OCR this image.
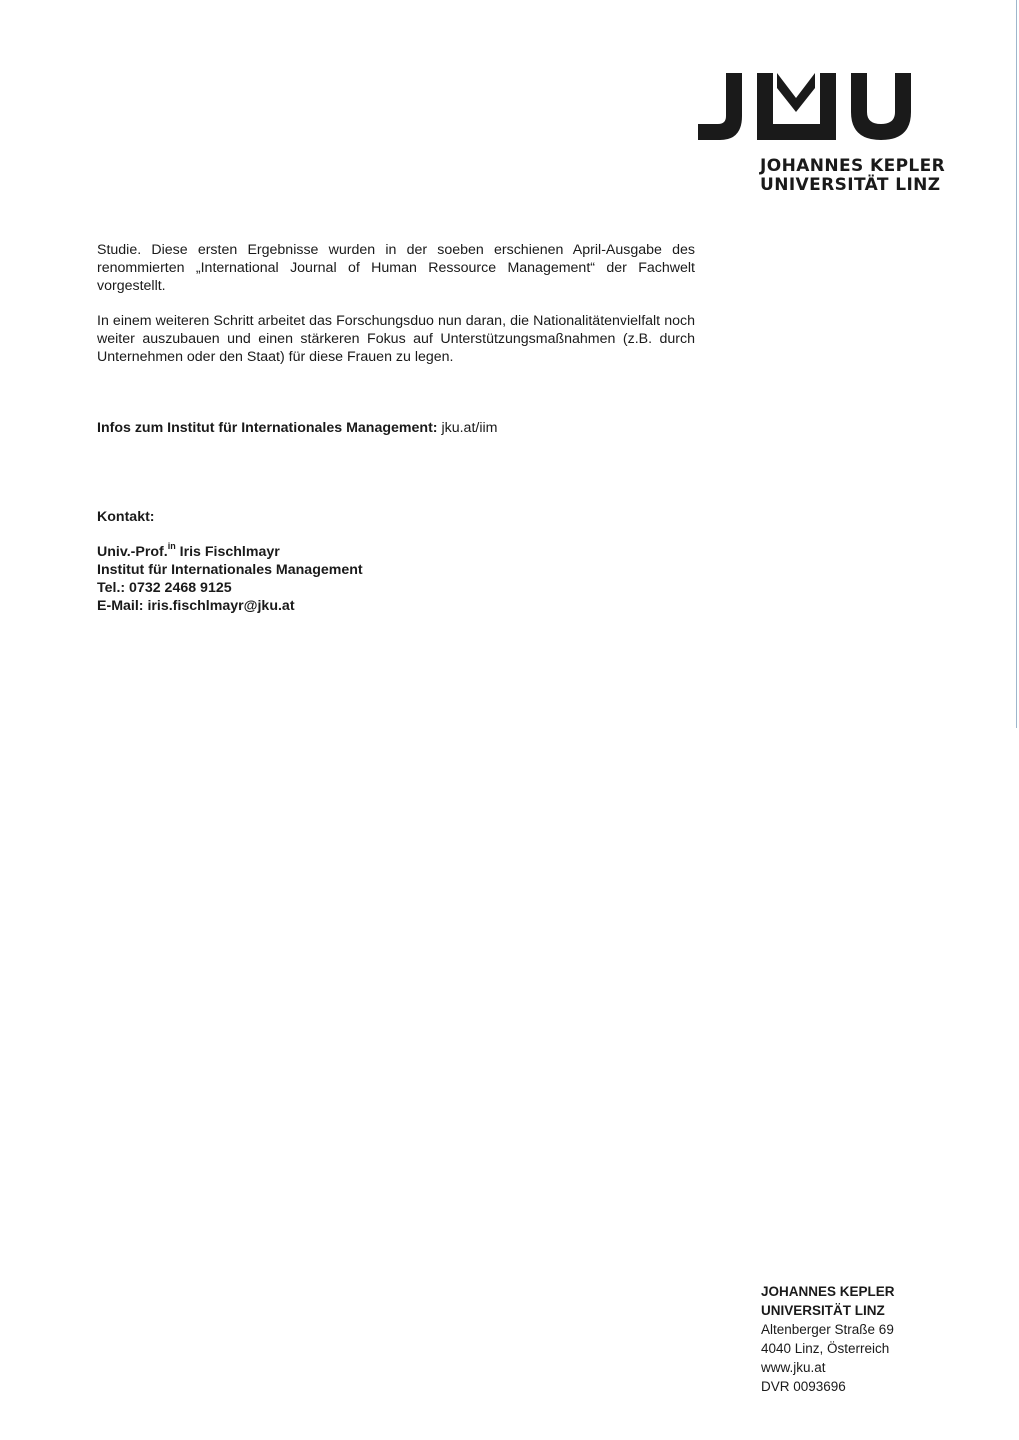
JOHANNES KEPLER
UNIVERSITÄT LINZ

Studie. Diese ersten Ergebnisse wurden in der soeben erschienen April-Ausgabe des renommierten „International Journal of Human Ressource Management“ der Fachwelt vorgestellt.

In einem weiteren Schritt arbeitet das Forschungsduo nun daran, die Nationalitätenvielfalt noch weiter auszubauen und einen stärkeren Fokus auf Unterstützungsmaßnahmen (z.B. durch Unternehmen oder den Staat) für diese Frauen zu legen.

Infos zum Institut für Internationales Management: jku.at/iim
Kontakt:
Univ.-Prof.$^{in}$ Iris Fischlmayr
Institut für Internationales Management
Tel.: 0732 2468 9125
E-Mail: iris.fischlmayr@jku.at
JOHANNES KEPLER
UNIVERSITÄT LINZ
Altenberger Straße 69
4040 Linz, Österreich
www.jku.at
DVR 0093696
